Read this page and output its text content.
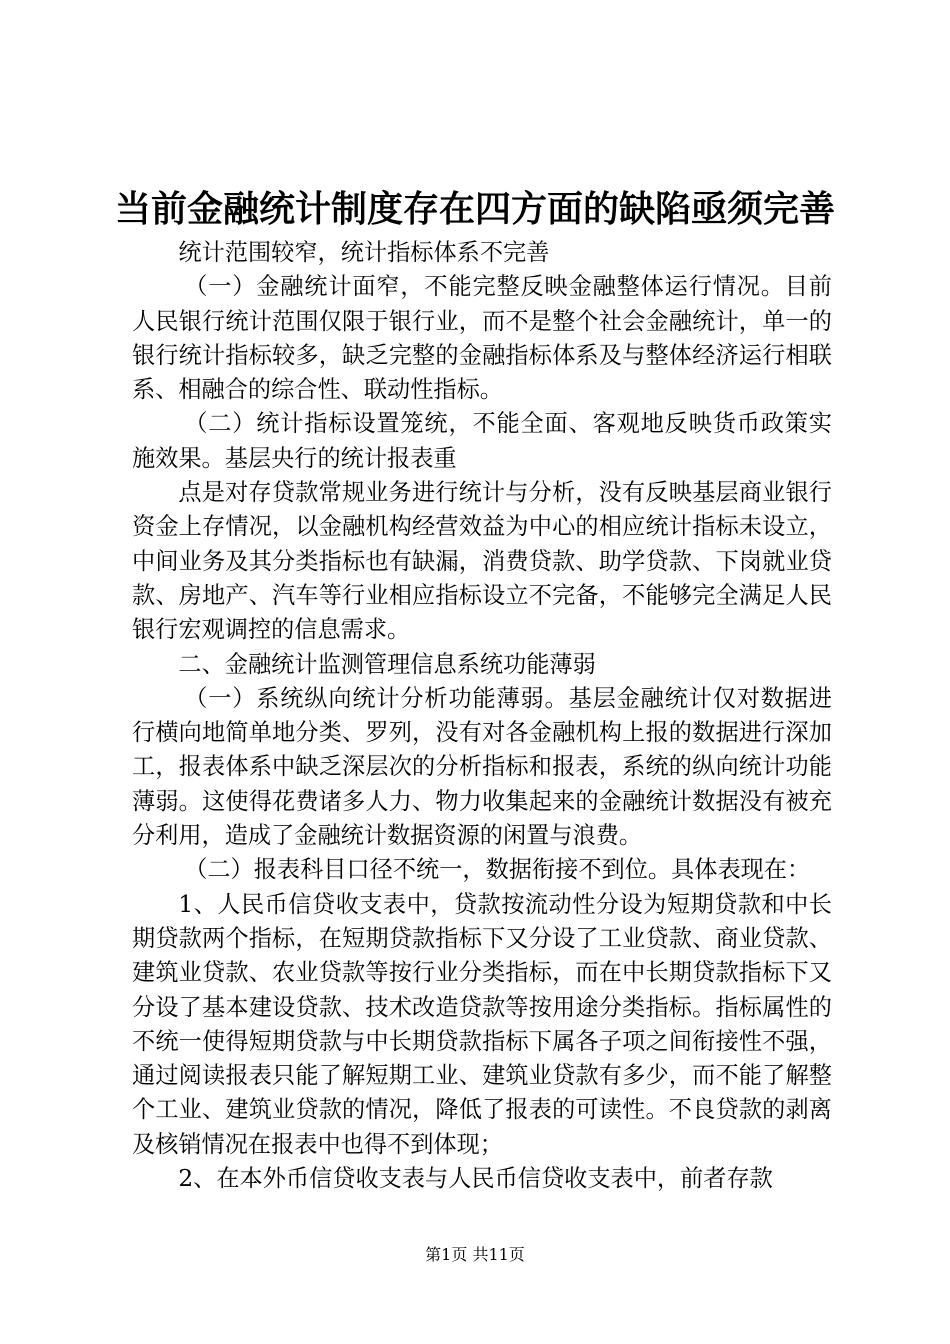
当前金融统计制度存在四方面的缺陷亟须完善

统计范围较窄，统计指标体系不完善

（一）金融统计面窄，不能完整反映金融整体运行情况。目前人民银行统计范围仅限于银行业，而不是整个社会金融统计，单一的银行统计指标较多，缺乏完整的金融指标体系及与整体经济运行相联系、相融合的综合性、联动性指标。

（二）统计指标设置笼统，不能全面、客观地反映货币政策实施效果。基层央行的统计报表重

点是对存贷款常规业务进行统计与分析，没有反映基层商业银行资金上存情况，以金融机构经营效益为中心的相应统计指标未设立，中间业务及其分类指标也有缺漏，消费贷款、助学贷款、下岗就业贷款、房地产、汽车等行业相应指标设立不完备，不能够完全满足人民银行宏观调控的信息需求。

二、金融统计监测管理信息系统功能薄弱

（一）系统纵向统计分析功能薄弱。基层金融统计仅对数据进行横向地简单地分类、罗列，没有对各金融机构上报的数据进行深加工，报表体系中缺乏深层次的分析指标和报表，系统的纵向统计功能薄弱。这使得花费诸多人力、物力收集起来的金融统计数据没有被充分利用，造成了金融统计数据资源的闲置与浪费。

（二）报表科目口径不统一，数据衔接不到位。具体表现在：

1、人民币信贷收支表中，贷款按流动性分设为短期贷款和中长期贷款两个指标，在短期贷款指标下又分设了工业贷款、商业贷款、建筑业贷款、农业贷款等按行业分类指标，而在中长期贷款指标下又分设了基本建设贷款、技术改造贷款等按用途分类指标。指标属性的不统一使得短期贷款与中长期贷款指标下属各子项之间衔接性不强，通过阅读报表只能了解短期工业、建筑业贷款有多少，而不能了解整个工业、建筑业贷款的情况，降低了报表的可读性。不良贷款的剥离及核销情况在报表中也得不到体现；

2、在本外币信贷收支表与人民币信贷收支表中，前者存款

第1页 共11页
